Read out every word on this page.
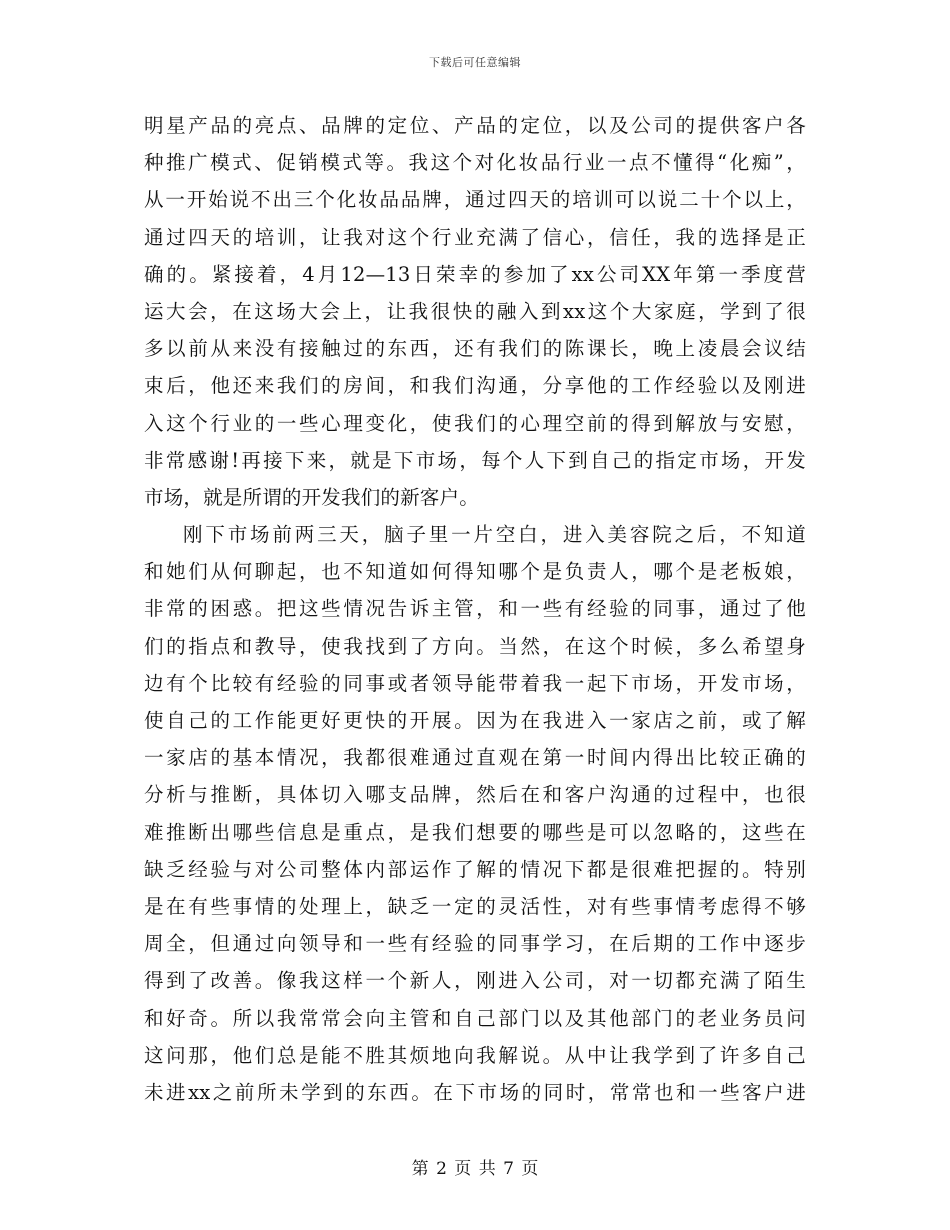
下载后可任意编辑
明星产品的亮点、品牌的定位、产品的定位，以及公司的提供客户各
种推广模式、促销模式等。我这个对化妆品行业一点不懂得“化痴”，
从一开始说不出三个化妆品品牌，通过四天的培训可以说二十个以上，
通过四天的培训，让我对这个行业充满了信心，信任，我的选择是正
确的。紧接着，4月12—13日荣幸的参加了xx公司XX年第一季度营
运大会，在这场大会上，让我很快的融入到xx这个大家庭，学到了很
多以前从来没有接触过的东西，还有我们的陈课长，晚上凌晨会议结
束后，他还来我们的房间，和我们沟通，分享他的工作经验以及刚进
入这个行业的一些心理变化，使我们的心理空前的得到解放与安慰，
非常感谢!再接下来，就是下市场，每个人下到自己的指定市场，开发
市场，就是所谓的开发我们的新客户。
刚下市场前两三天，脑子里一片空白，进入美容院之后，不知道
和她们从何聊起，也不知道如何得知哪个是负责人，哪个是老板娘，
非常的困惑。把这些情况告诉主管，和一些有经验的同事，通过了他
们的指点和教导，使我找到了方向。当然，在这个时候，多么希望身
边有个比较有经验的同事或者领导能带着我一起下市场，开发市场，
使自己的工作能更好更快的开展。因为在我进入一家店之前，或了解
一家店的基本情况，我都很难通过直观在第一时间内得出比较正确的
分析与推断，具体切入哪支品牌，然后在和客户沟通的过程中，也很
难推断出哪些信息是重点，是我们想要的哪些是可以忽略的，这些在
缺乏经验与对公司整体内部运作了解的情况下都是很难把握的。特别
是在有些事情的处理上，缺乏一定的灵活性，对有些事情考虑得不够
周全，但通过向领导和一些有经验的同事学习，在后期的工作中逐步
得到了改善。像我这样一个新人，刚进入公司，对一切都充满了陌生
和好奇。所以我常常会向主管和自己部门以及其他部门的老业务员问
这问那，他们总是能不胜其烦地向我解说。从中让我学到了许多自己
未进xx之前所未学到的东西。在下市场的同时，常常也和一些客户进
第 2 页 共 7 页
